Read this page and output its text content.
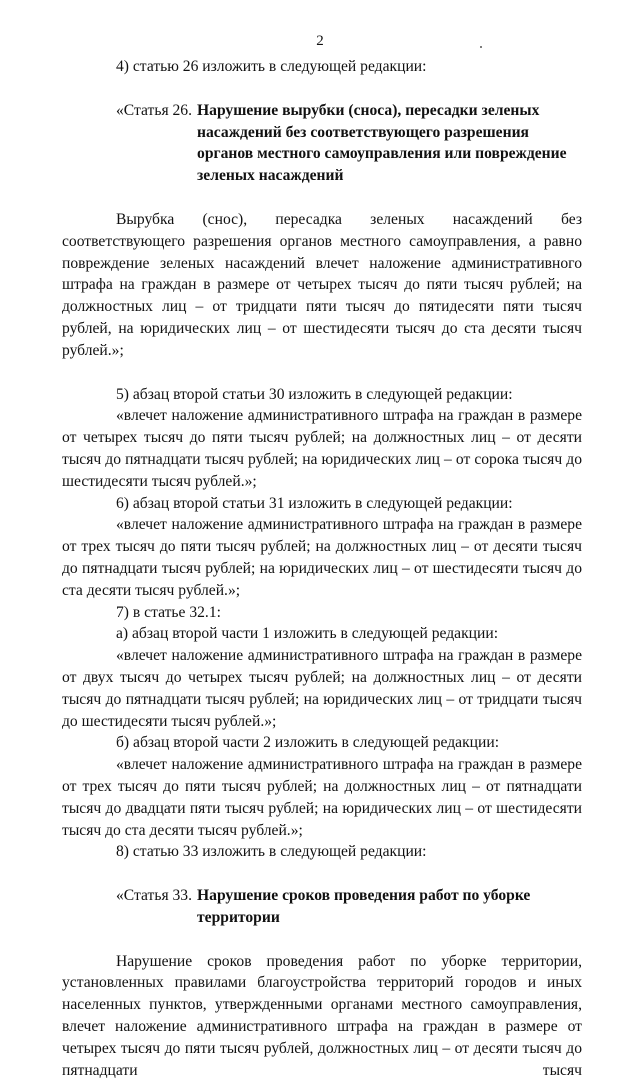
2

4) статью 26 изложить в следующей редакции:

«Статья 26. Нарушение вырубки (сноса), пересадки зеленых насаждений без соответствующего разрешения органов местного самоуправления или повреждение зеленых насаждений

Вырубка (снос), пересадка зеленых насаждений без соответствующего разрешения органов местного самоуправления, а равно повреждение зеленых насаждений влечет наложение административного штрафа на граждан в размере от четырех тысяч до пяти тысяч рублей; на должностных лиц – от тридцати пяти тысяч до пятидесяти пяти тысяч рублей, на юридических лиц – от шестидесяти тысяч до ста десяти тысяч рублей.»;

5) абзац второй статьи 30 изложить в следующей редакции:

«влечет наложение административного штрафа на граждан в размере от четырех тысяч до пяти тысяч рублей; на должностных лиц – от десяти тысяч до пятнадцати тысяч рублей; на юридических лиц – от сорока тысяч до шестидесяти тысяч рублей.»;

6) абзац второй статьи 31 изложить в следующей редакции:

«влечет наложение административного штрафа на граждан в размере от трех тысяч до пяти тысяч рублей; на должностных лиц – от десяти тысяч до пятнадцати тысяч рублей; на юридических лиц – от шестидесяти тысяч до ста десяти тысяч рублей.»;

7) в статье 32.1:

а) абзац второй части 1 изложить в следующей редакции:

«влечет наложение административного штрафа на граждан в размере от двух тысяч до четырех тысяч рублей; на должностных лиц – от десяти тысяч до пятнадцати тысяч рублей; на юридических лиц – от тридцати тысяч до шестидесяти тысяч рублей.»;

б) абзац второй части 2 изложить в следующей редакции:

«влечет наложение административного штрафа на граждан в размере от трех тысяч до пяти тысяч рублей; на должностных лиц – от пятнадцати тысяч до двадцати пяти тысяч рублей; на юридических лиц – от шестидесяти тысяч до ста десяти тысяч рублей.»;

8) статью 33 изложить в следующей редакции:

«Статья 33. Нарушение сроков проведения работ по уборке территории

Нарушение сроков проведения работ по уборке территории, установленных правилами благоустройства территорий городов и иных населенных пунктов, утвержденными органами местного самоуправления, влечет наложение административного штрафа на граждан в размере от четырех тысяч до пяти тысяч рублей, должностных лиц – от десяти тысяч до пятнадцати тысяч
